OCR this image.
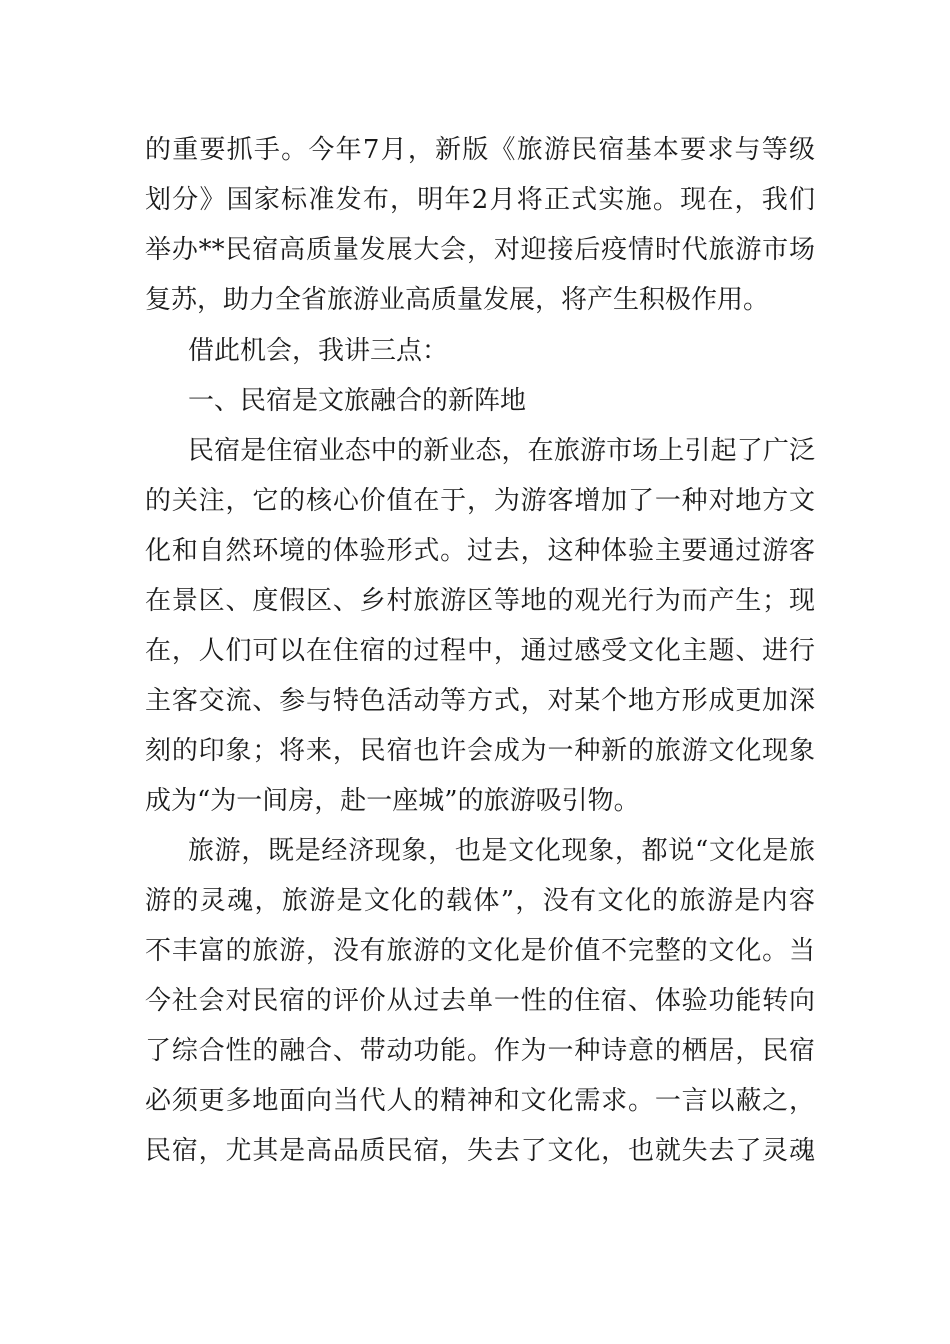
的重要抓手。今年7月，新版《旅游民宿基本要求与等级
划分》国家标准发布，明年2月将正式实施。现在，我们
举办**民宿高质量发展大会，对迎接后疫情时代旅游市场
复苏，助力全省旅游业高质量发展，将产生积极作用。
借此机会，我讲三点：
一、民宿是文旅融合的新阵地
民宿是住宿业态中的新业态，在旅游市场上引起了广泛
的关注，它的核心价值在于，为游客增加了一种对地方文
化和自然环境的体验形式。过去，这种体验主要通过游客
在景区、度假区、乡村旅游区等地的观光行为而产生；现
在，人们可以在住宿的过程中，通过感受文化主题、进行
主客交流、参与特色活动等方式，对某个地方形成更加深
刻的印象；将来，民宿也许会成为一种新的旅游文化现象
成为“为一间房，赴一座城”的旅游吸引物。
旅游，既是经济现象，也是文化现象，都说“文化是旅
游的灵魂，旅游是文化的载体”，没有文化的旅游是内容
不丰富的旅游，没有旅游的文化是价值不完整的文化。当
今社会对民宿的评价从过去单一性的住宿、体验功能转向
了综合性的融合、带动功能。作为一种诗意的栖居，民宿
必须更多地面向当代人的精神和文化需求。一言以蔽之，
民宿，尤其是高品质民宿，失去了文化，也就失去了灵魂
